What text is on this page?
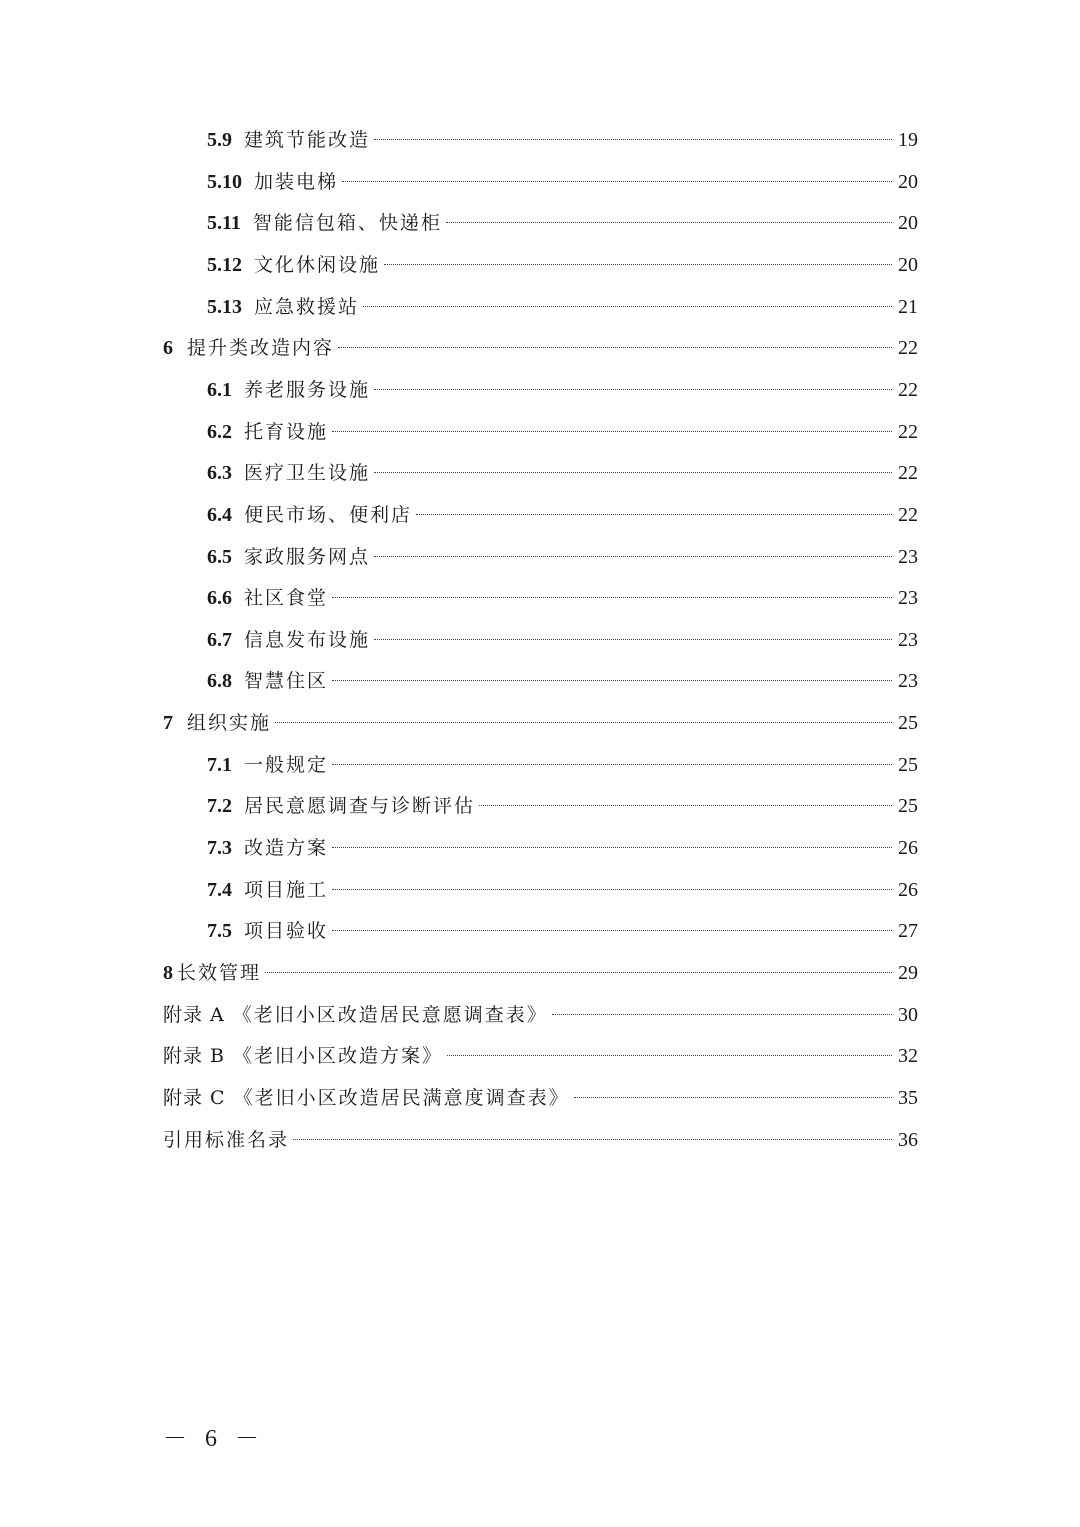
5.9 建筑节能改造	19
5.10 加装电梯	20
5.11 智能信包箱、快递柜	20
5.12 文化休闲设施	20
5.13 应急救援站	21
6 提升类改造内容	22
6.1 养老服务设施	22
6.2 托育设施	22
6.3 医疗卫生设施	22
6.4 便民市场、便利店	22
6.5 家政服务网点	23
6.6 社区食堂	23
6.7 信息发布设施	23
6.8 智慧住区	23
7 组织实施	25
7.1 一般规定	25
7.2 居民意愿调查与诊断评估	25
7.3 改造方案	26
7.4 项目施工	26
7.5 项目验收	27
8 长效管理	29
附录 A 《老旧小区改造居民意愿调查表》	30
附录 B 《老旧小区改造方案》	32
附录 C 《老旧小区改造居民满意度调查表》	35
引用标准名录	36
－ 6 －
